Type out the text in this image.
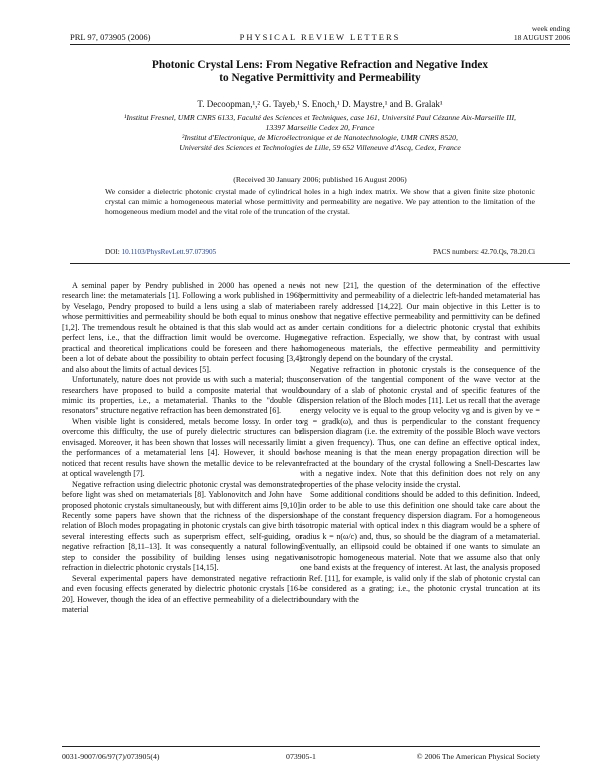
PRL 97, 073905 (2006)	PHYSICAL REVIEW LETTERS
week ending
18 AUGUST 2006
Photonic Crystal Lens: From Negative Refraction and Negative Index
to Negative Permittivity and Permeability
T. Decoopman,¹,² G. Tayeb,¹ S. Enoch,¹ D. Maystre,¹ and B. Gralak¹
¹Institut Fresnel, UMR CNRS 6133, Faculté des Sciences et Techniques, case 161, Université Paul Cézanne Aix-Marseille III,
13397 Marseille Cedex 20, France
²Institut d'Electronique, de Microélectronique et de Nanotechnologie, UMR CNRS 8520,
Université des Sciences et Technologies de Lille, 59 652 Villeneuve d'Ascq, Cedex, France
(Received 30 January 2006; published 16 August 2006)
We consider a dielectric photonic crystal made of cylindrical holes in a high index matrix. We show that a given finite size photonic crystal can mimic a homogeneous material whose permittivity and permeability are negative. We pay attention to the limitation of the homogeneous medium model and the vital role of the truncation of the crystal.
DOI: 10.1103/PhysRevLett.97.073905	PACS numbers: 42.70.Qs, 78.20.Ci

A seminal paper by Pendry published in 2000 has opened a new research line: the metamaterials [1]. Following a work published in 1968 by Veselago, Pendry proposed to build a lens using a slab of material whose permittivities and permeability should be both equal to minus one [1,2]. The tremendous result he obtained is that this slab would act as a perfect lens, i.e., that the diffraction limit would be overcome. Huge practical and theoretical implications could be foreseen and there has been a lot of debate about the possibility to obtain perfect focusing [3,4] and also about the limits of actual devices [5].

Unfortunately, nature does not provide us with such a material; thus, researchers have proposed to build a composite material that would mimic its properties, i.e., a metamaterial. Thanks to the "double C resonators" structure negative refraction has been demonstrated [6].

When visible light is considered, metals become lossy. In order to overcome this difficulty, the use of purely dielectric structures can be envisaged. Moreover, it has been shown that losses will necessarily limit the performances of a metamaterial lens [4]. However, it should be noticed that recent results have shown the metallic device to be relevant at optical wavelength [7].

Negative refraction using dielectric photonic crystal was demonstrated before light was shed on metamaterials [8]. Yablonovitch and John have proposed photonic crystals simultaneously, but with different aims [9,10]. Recently some papers have shown that the richness of the dispersion relation of Bloch modes propagating in photonic crystals can give birth to several interesting effects such as superprism effect, self-guiding, or negative refraction [8,11–13]. It was consequently a natural following step to consider the possibility of building lenses using negative refraction in dielectric photonic crystals [14,15].

Several experimental papers have demonstrated negative refraction and even focusing effects generated by dielectric photonic crystals [16–20]. However, though the idea of an effective permeability of a dielectric material

is not new [21], the question of the determination of the effective permittivity and permeability of a dielectric left-handed metamaterial has been rarely addressed [14,22]. Our main objective in this Letter is to show that negative effective permeability and permittivity can be defined under certain conditions for a dielectric photonic crystal that exhibits negative refraction. Especially, we show that, by contrast with usual homogeneous materials, the effective permeability and permittivity strongly depend on the boundary of the crystal.

Negative refraction in photonic crystals is the consequence of the conservation of the tangential component of the wave vector at the boundary of a slab of photonic crystal and of specific features of the dispersion relation of the Bloch modes [11]. Let us recall that the average energy velocity ve is equal to the group velocity vg and is given by ve = vg = gradk(ω), and thus is perpendicular to the constant frequency dispersion diagram (i.e. the extremity of the possible Bloch wave vectors at a given frequency). Thus, one can define an effective optical index, whose meaning is that the mean energy propagation direction will be refracted at the boundary of the crystal following a Snell-Descartes law with a negative index. Note that this definition does not rely on any properties of the phase velocity inside the crystal.

Some additional conditions should be added to this definition. Indeed, in order to be able to use this definition one should take care about the shape of the constant frequency dispersion diagram. For a homogeneous isotropic material with optical index n this diagram would be a sphere of radius k = n(ω/c) and, thus, so should be the diagram of a metamaterial. Eventually, an ellipsoid could be obtained if one wants to simulate an anisotropic homogeneous material. Note that we assume also that only one band exists at the frequency of interest. At last, the analysis proposed in Ref. [11], for example, is valid only if the slab of photonic crystal can be considered as a grating; i.e., the photonic crystal truncation at its boundary with the

0031-9007/06/97(7)/073905(4)	073905-1	© 2006 The American Physical Society
